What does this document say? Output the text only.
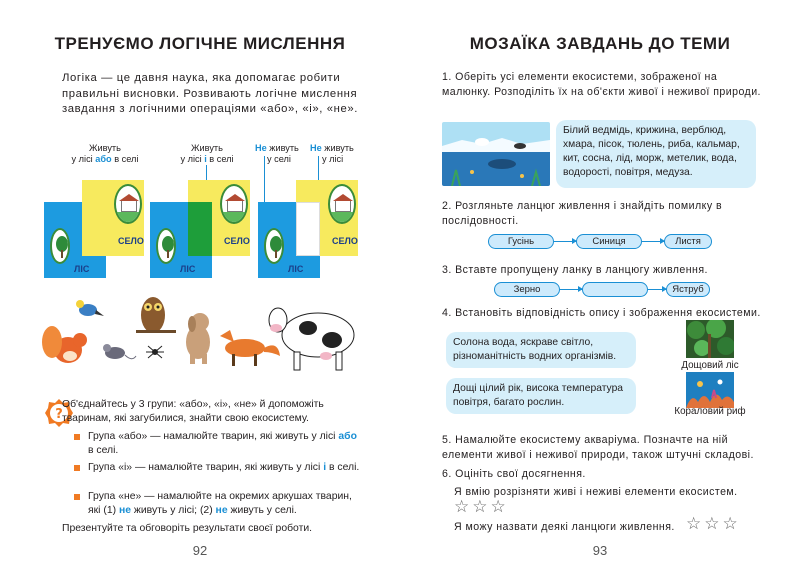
ТРЕНУЄМО ЛОГІЧНЕ МИСЛЕННЯ
Логіка — це давня наука, яка допомагає робити правильні висновки. Розвивають логічне мислення завдання з логічними операціями «або», «і», «не».
Живуть
у лісі або в селі
СЕЛО
ЛІС
Живуть
у лісі і в селі
СЕЛО
ЛІС
Не живуть
у селі
Не живуть
у лісі
СЕЛО
ЛІС
?
Об'єднайтесь у 3 групи: «або», «і», «не» й допоможіть тваринам, які загубилися, знайти свою екосистему.
Група «або» — намалюйте тварин, які живуть у лісі або в селі.
Група «і» — намалюйте тварин, які живуть у лісі і в селі.
Група «не» — намалюйте на окремих аркушах тварин, які (1) не живуть у лісі; (2) не живуть у селі.
Презентуйте та обговоріть результати своєї роботи.
92
МОЗАЇКА ЗАВДАНЬ ДО ТЕМИ
1. Оберіть усі елементи екосистеми, зображеної на малюнку. Розподіліть їх на об'єкти живої і неживої природи.
Білий ведмідь, крижина, верблюд, хмара, пісок, тюлень, риба, кальмар, кит, сосна, лід, морж, метелик, вода, водорості, повітря, медуза.
2. Розгляньте ланцюг живлення і знайдіть помилку в послідовності.
Гусінь	Синиця	Листя
3. Вставте пропущену ланку в ланцюгу живлення.
Зерно	Яструб
4. Встановіть відповідність опису і зображення екосистеми.
Солона вода, яскраве світло, різноманітність водних організмів.
Дощі цілий рік, висока температура повітря, багато рослин.
Дощовий ліс
Кораловий риф
5. Намалюйте екосистему акваріума. Позначте на ній елементи живої і неживої природи, також штучні складові.
6. Оцініть свої досягнення.
Я вмію розрізняти живі і неживі елементи екосистем.
☆☆☆
Я можу назвати деякі ланцюги живлення. ☆☆☆
93
